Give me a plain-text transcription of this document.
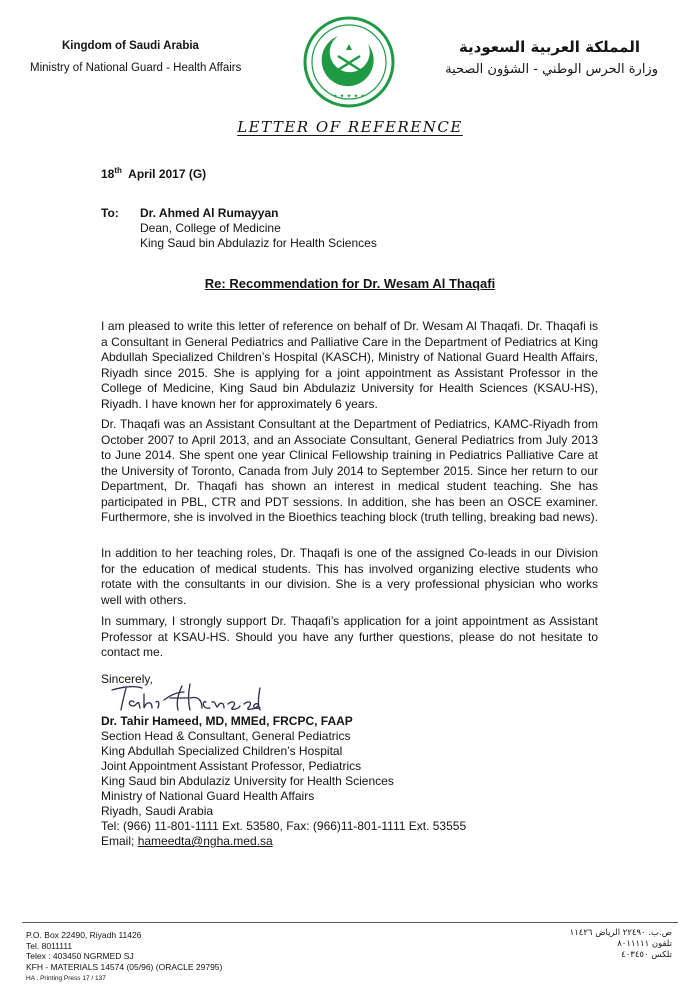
Kingdom of Saudi Arabia
Ministry of National Guard - Health Affairs
✦ ✦ ✦ ✦ ✦
المملكة العربية السعودية
وزارة الحرس الوطني - الشؤون الصحية
LETTER OF REFERENCE
18th April 2017 (G)
To: Dr. Ahmed Al Rumayyan
Dean, College of Medicine
King Saud bin Abdulaziz for Health Sciences
Re: Recommendation for Dr. Wesam Al Thaqafi
I am pleased to write this letter of reference on behalf of Dr. Wesam Al Thaqafi. Dr. Thaqafi is a Consultant in General Pediatrics and Palliative Care in the Department of Pediatrics at King Abdullah Specialized Children’s Hospital (KASCH), Ministry of National Guard Health Affairs, Riyadh since 2015. She is applying for a joint appointment as Assistant Professor in the College of Medicine, King Saud bin Abdulaziz University for Health Sciences (KSAU-HS), Riyadh. I have known her for approximately 6 years.
Dr. Thaqafi was an Assistant Consultant at the Department of Pediatrics, KAMC-Riyadh from October 2007 to April 2013, and an Associate Consultant, General Pediatrics from July 2013 to June 2014. She spent one year Clinical Fellowship training in Pediatrics Palliative Care at the University of Toronto, Canada from July 2014 to September 2015. Since her return to our Department, Dr. Thaqafi has shown an interest in medical student teaching. She has participated in PBL, CTR and PDT sessions. In addition, she has been an OSCE examiner. Furthermore, she is involved in the Bioethics teaching block (truth telling, breaking bad news).
In addition to her teaching roles, Dr. Thaqafi is one of the assigned Co-leads in our Division for the education of medical students. This has involved organizing elective students who rotate with the consultants in our division. She is a very professional physician who works well with others.
In summary, I strongly support Dr. Thaqafi’s application for a joint appointment as Assistant Professor at KSAU-HS. Should you have any further questions, please do not hesitate to contact me.
Sincerely,
Dr. Tahir Hameed, MD, MMEd, FRCPC, FAAP
Section Head & Consultant, General Pediatrics
King Abdullah Specialized Children’s Hospital
Joint Appointment Assistant Professor, Pediatrics
King Saud bin Abdulaziz University for Health Sciences
Ministry of National Guard Health Affairs
Riyadh, Saudi Arabia
Tel: (966) 11-801-1111 Ext. 53580, Fax: (966)11-801-1111 Ext. 53555
Email; hameedta@ngha.med.sa
P.O. Box 22490, Riyadh 11426
Tel. 8011111
Telex : 403450 NGRMED SJ
KFH - MATERIALS 14574 (05/96) (ORACLE 29795)
HA . Printing Press 17 / 137
ص.ب. ٢٢٤٩٠ الرياض ١١٤٢٦
تلفون ٨٠١١١١١
تلكس ٤٠٣٤٥٠
